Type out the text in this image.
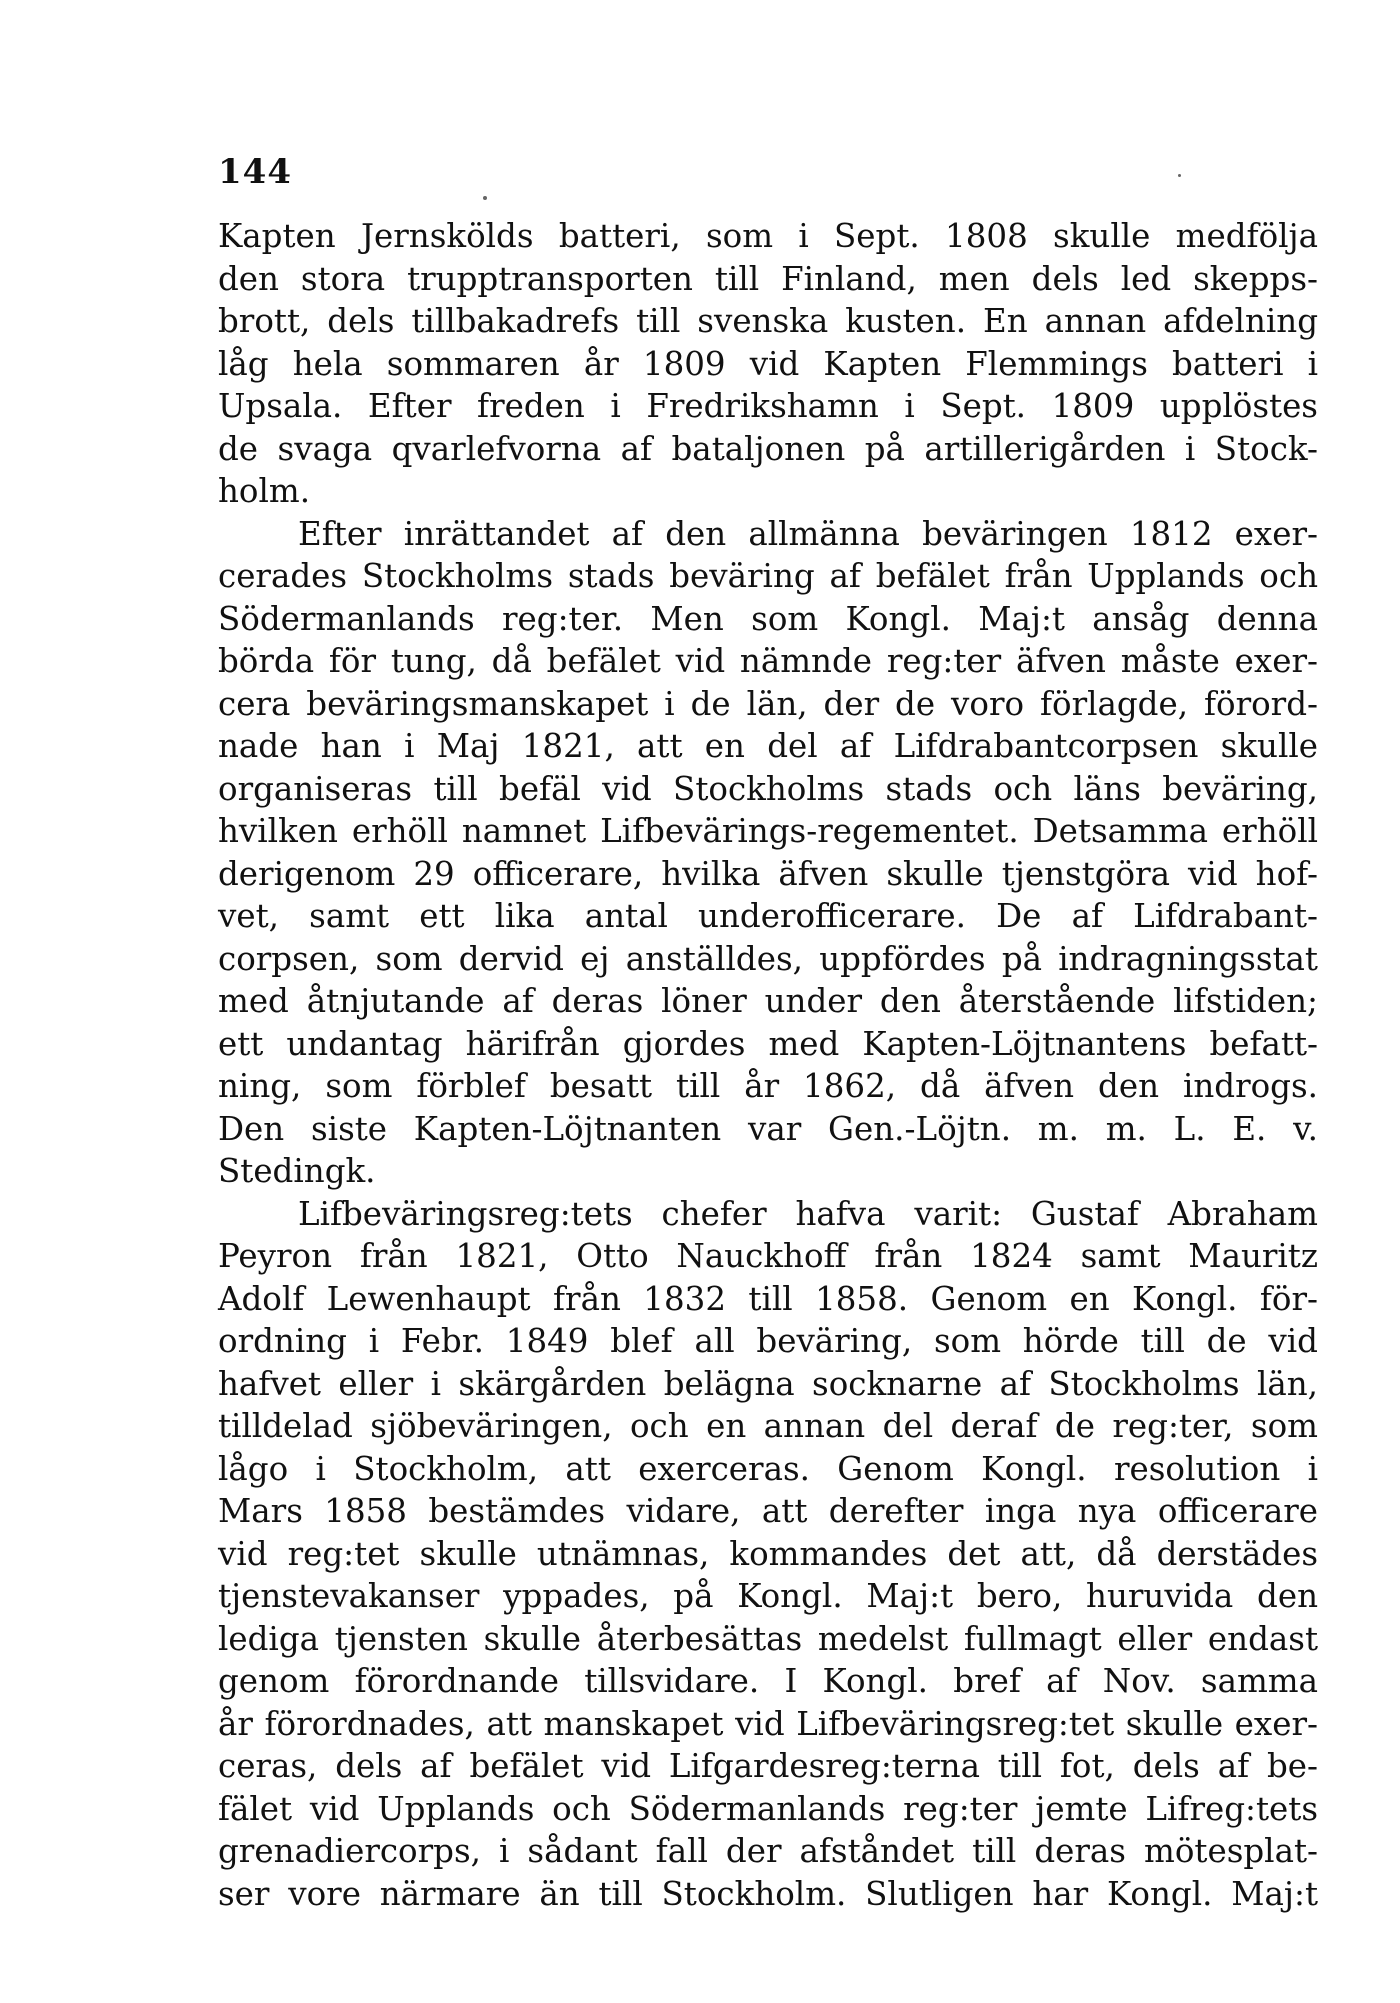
144
Kapten Jernskölds batteri, som i Sept. 1808 skulle medfölja
den stora trupptransporten till Finland, men dels led skepps-
brott, dels tillbakadrefs till svenska kusten. En annan afdelning
låg hela sommaren år 1809 vid Kapten Flemmings batteri i
Upsala. Efter freden i Fredrikshamn i Sept. 1809 upplöstes
de svaga qvarlefvorna af bataljonen på artillerigården i Stock-
holm.
Efter inrättandet af den allmänna beväringen 1812 exer-
cerades Stockholms stads beväring af befälet från Upplands och
Södermanlands reg:ter. Men som Kongl. Maj:t ansåg denna
börda för tung, då befälet vid nämnde reg:ter äfven måste exer-
cera beväringsmanskapet i de län, der de voro förlagde, förord-
nade han i Maj 1821, att en del af Lifdrabantcorpsen skulle
organiseras till befäl vid Stockholms stads och läns beväring,
hvilken erhöll namnet Lifbevärings-regementet. Detsamma erhöll
derigenom 29 officerare, hvilka äfven skulle tjenstgöra vid hof-
vet, samt ett lika antal underofficerare. De af Lifdrabant-
corpsen, som dervid ej anställdes, uppfördes på indragningsstat
med åtnjutande af deras löner under den återstående lifstiden;
ett undantag härifrån gjordes med Kapten-Löjtnantens befatt-
ning, som förblef besatt till år 1862, då äfven den indrogs.
Den siste Kapten-Löjtnanten var Gen.-Löjtn. m. m. L. E. v.
Stedingk.
Lifbeväringsreg:tets chefer hafva varit: Gustaf Abraham
Peyron från 1821, Otto Nauckhoff från 1824 samt Mauritz
Adolf Lewenhaupt från 1832 till 1858. Genom en Kongl. för-
ordning i Febr. 1849 blef all beväring, som hörde till de vid
hafvet eller i skärgården belägna socknarne af Stockholms län,
tilldelad sjöbeväringen, och en annan del deraf de reg:ter, som
lågo i Stockholm, att exerceras. Genom Kongl. resolution i
Mars 1858 bestämdes vidare, att derefter inga nya officerare
vid reg:tet skulle utnämnas, kommandes det att, då derstädes
tjenstevakanser yppades, på Kongl. Maj:t bero, huruvida den
lediga tjensten skulle återbesättas medelst fullmagt eller endast
genom förordnande tillsvidare. I Kongl. bref af Nov. samma
år förordnades, att manskapet vid Lifbeväringsreg:tet skulle exer-
ceras, dels af befälet vid Lifgardesreg:terna till fot, dels af be-
fälet vid Upplands och Södermanlands reg:ter jemte Lifreg:tets
grenadiercorps, i sådant fall der afståndet till deras mötesplat-
ser vore närmare än till Stockholm. Slutligen har Kongl. Maj:t
